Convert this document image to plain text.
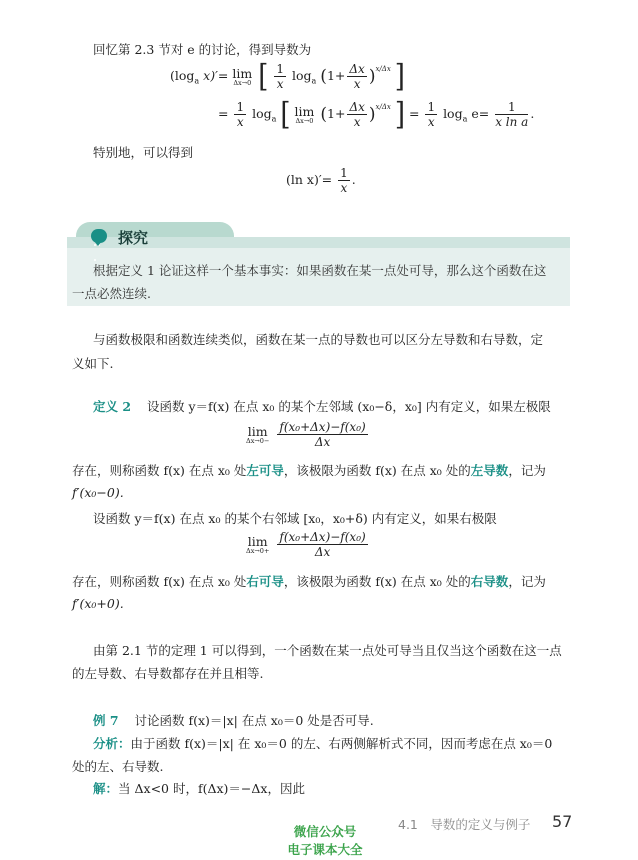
回忆第 2.3 节对 e 的讨论，得到导数为
($\log_a$ x)′= lim
Δx→0 [ $\frac{1}{x} \log_a (1+ \frac{\Delta x}{x} )^{x/\Delta x}$ ]
= $\frac{1}{x} \log_a$ [ lim
Δx→0 $(1+ \frac{\Delta x}{x} )^{x/\Delta x}$ ] = $\frac{1}{x} \log_a e= \frac{1}{\text{x ln a}}$ .
特别地，可以得到
(ln $x)'= \frac{1}{x}$ .
探究
根据定义 1 论证这样一个基本事实：如果函数在某一点处可导，那么这个函数在这
一点必然连续.
与函数极限和函数连续类似，函数在某一点的导数也可以区分左导数和右导数，定
义如下.
定义 2 设函数 y＝f(x) 在点 x₀ 的某个左邻域 (x₀−δ，x₀] 内有定义，如果左极限
lim
Δx→0−
$\frac{\text{f(x₀+Δx)−f(x₀)}}{\Delta x}$
存在，则称函数 f(x) 在点 x₀ 处左可导，该极限为函数 f(x) 在点 x₀ 处的左导数，记为
f′(x₀−0).
设函数 y＝f(x) 在点 x₀ 的某个右邻域 [x₀，x₀+δ) 内有定义，如果右极限
lim
Δx→0+
$\frac{\text{f(x₀+Δx)−f(x₀)}}{\Delta x}$
存在，则称函数 f(x) 在点 x₀ 处右可导，该极限为函数 f(x) 在点 x₀ 处的右导数，记为
f′(x₀+0).
由第 2.1 节的定理 1 可以得到，一个函数在某一点处可导当且仅当这个函数在这一点
的左导数、右导数都存在并且相等.
例 7 讨论函数 f(x)＝|x| 在点 x₀＝0 处是否可导.
分析：由于函数 f(x)＝|x| 在 x₀＝0 的左、右两侧解析式不同，因而考虑在点 x₀＝0
处的左、右导数.
解：当 Δx<0 时，f(Δx)＝−Δx，因此
4.1　导数的定义与例子 57
微信公众号
电子课本大全
